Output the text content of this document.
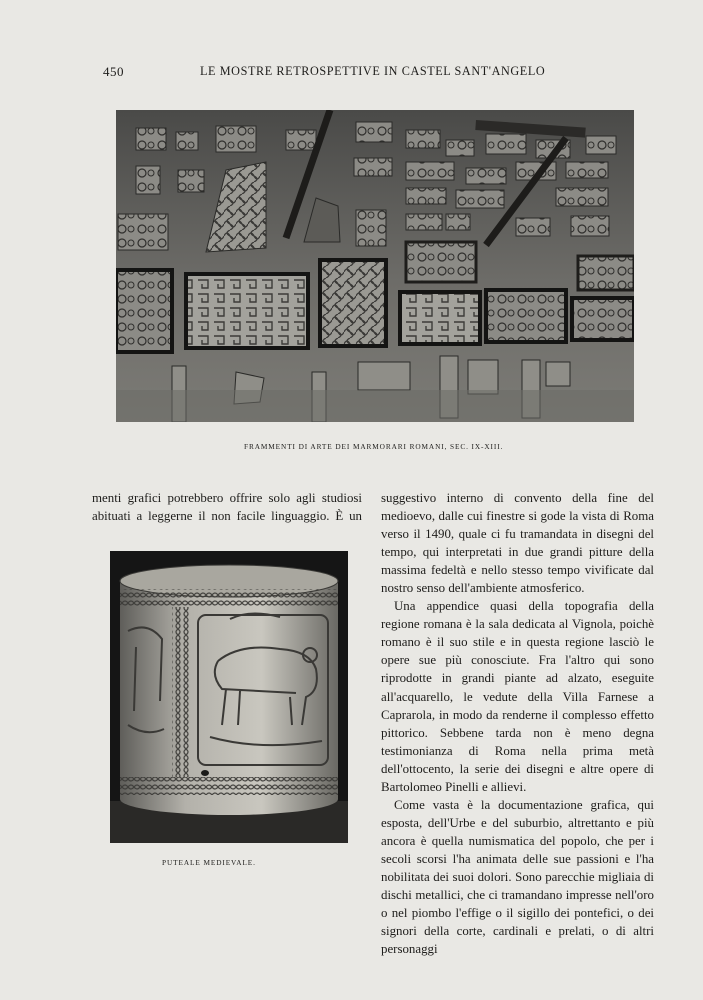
450	LE MOSTRE RETROSPETTIVE IN CASTEL SANT'ANGELO
FRAMMENTI DI ARTE DEI MARMORARI ROMANI, SEC. IX-XIII.

menti grafici potrebbero offrire solo agli studiosi

abituati a leggerne il non facile linguaggio. È un

PUTEALE MEDIEVALE.

suggestivo interno di convento della fine del medioevo, dalle cui finestre si gode la vista di Roma verso il 1490, quale ci fu tramandata in disegni del tempo, qui interpretati in due grandi pitture della massima fedeltà e nello stesso tempo vivificate dal nostro senso dell'ambiente atmosferico.

Una appendice quasi della topografia della regione romana è la sala dedicata al Vignola, poichè romano è il suo stile e in questa regione lasciò le opere sue più conosciute. Fra l'altro qui sono riprodotte in grandi piante ad alzato, eseguite all'acquarello, le vedute della Villa Farnese a Caprarola, in modo da renderne il complesso effetto pittorico. Sebbene tarda non è meno degna testimonianza di Roma nella prima metà dell'ottocento, la serie dei disegni e altre opere di Bartolomeo Pinelli e allievi.

Come vasta è la documentazione grafica, qui esposta, dell'Urbe e del suburbio, altrettanto e più ancora è quella numismatica del popolo, che per i secoli scorsi l'ha animata delle sue passioni e l'ha nobilitata dei suoi dolori. Sono parecchie migliaia di dischi metallici, che ci tramandano impresse nell'oro o nel piombo l'effige o il sigillo dei pontefici, o dei signori della corte, cardinali e prelati, o di altri personaggi
